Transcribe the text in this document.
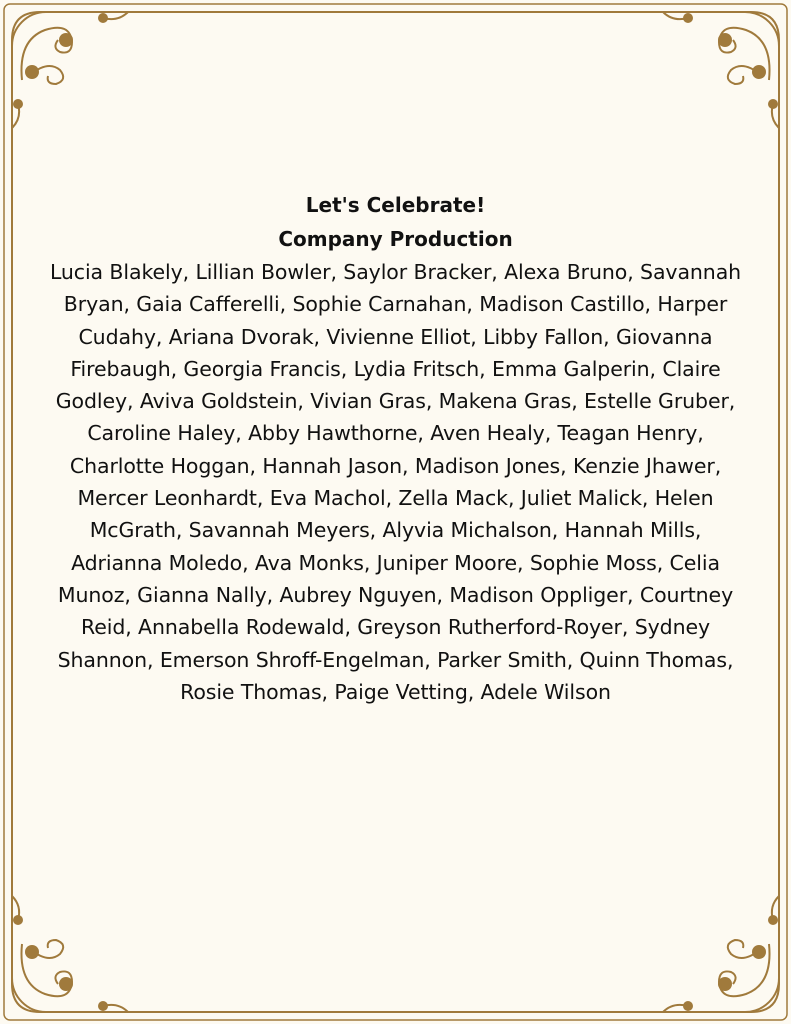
Let's Celebrate!

Company Production

Lucia Blakely, Lillian Bowler, Saylor Bracker, Alexa Bruno, Savannah Bryan, Gaia Cafferelli, Sophie Carnahan, Madison Castillo, Harper Cudahy, Ariana Dvorak, Vivienne Elliot, Libby Fallon, Giovanna Firebaugh, Georgia Francis, Lydia Fritsch, Emma Galperin, Claire Godley, Aviva Goldstein, Vivian Gras, Makena Gras, Estelle Gruber, Caroline Haley, Abby Hawthorne, Aven Healy, Teagan Henry, Charlotte Hoggan, Hannah Jason, Madison Jones, Kenzie Jhawer, Mercer Leonhardt, Eva Machol, Zella Mack, Juliet Malick, Helen McGrath, Savannah Meyers, Alyvia Michalson, Hannah Mills, Adrianna Moledo, Ava Monks, Juniper Moore, Sophie Moss, Celia Munoz, Gianna Nally, Aubrey Nguyen, Madison Oppliger, Courtney Reid, Annabella Rodewald, Greyson Rutherford-Royer, Sydney Shannon, Emerson Shroff-Engelman, Parker Smith, Quinn Thomas, Rosie Thomas, Paige Vetting, Adele Wilson
